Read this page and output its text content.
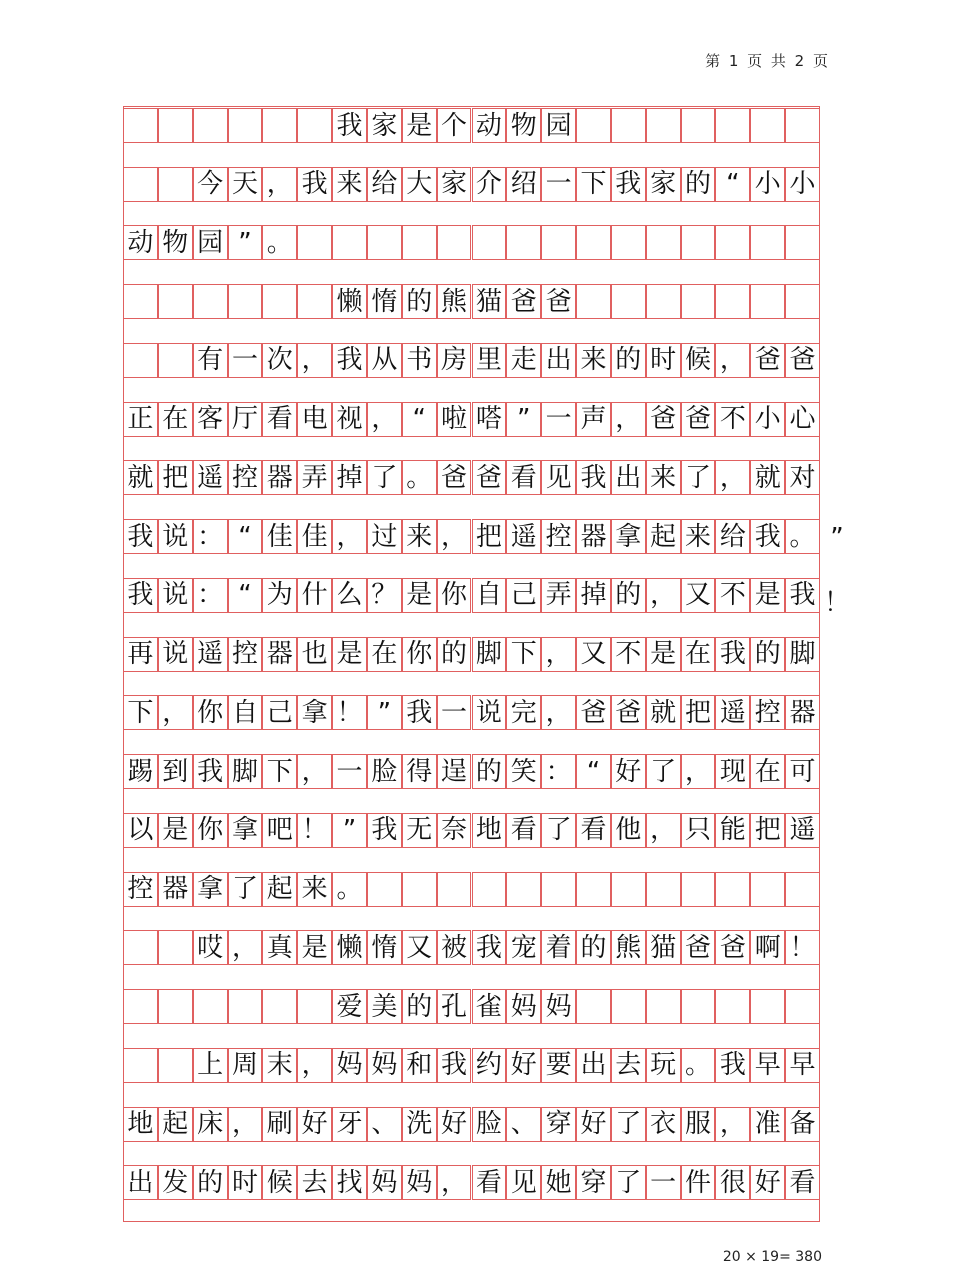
第 1 页 共 2 页
我 家 是 个 动 物 园
今 天 ， 我 来 给 大 家 介 绍 一 下 我 家 的 “ 小 小
动 物 园 ” 。
懒 惰 的 熊 猫 爸 爸
有 一 次 ， 我 从 书 房 里 走 出 来 的 时 候 ， 爸 爸
正 在 客 厅 看 电 视 ， “ 啦 嗒 ” 一 声 ， 爸 爸 不 小 心
就 把 遥 控 器 弄 掉 了 。 爸 爸 看 见 我 出 来 了 ， 就 对
我 说 ： “ 佳 佳 ， 过 来 ， 把 遥 控 器 拿 起 来 给 我 。
我 说 ： “ 为 什 么 ？ 是 你 自 己 弄 掉 的 ， 又 不 是 我
再 说 遥 控 器 也 是 在 你 的 脚 下 ， 又 不 是 在 我 的 脚
下 ， 你 自 己 拿 ！ ” 我 一 说 完 ， 爸 爸 就 把 遥 控 器
踢 到 我 脚 下 ， 一 脸 得 逞 的 笑 ： “ 好 了 ， 现 在 可
以 是 你 拿 吧 ！ ” 我 无 奈 地 看 了 看 他 ， 只 能 把 遥
控 器 拿 了 起 来 。
哎 ， 真 是 懒 惰 又 被 我 宠 着 的 熊 猫 爸 爸 啊 ！
爱 美 的 孔 雀 妈 妈
上 周 末 ， 妈 妈 和 我 约 好 要 出 去 玩 。 我 早 早
地 起 床 ， 刷 好 牙 、 洗 好 脸 、 穿 好 了 衣 服 ， 准 备
出 发 的 时 候 去 找 妈 妈 ， 看 见 她 穿 了 一 件 很 好 看
20 × 19= 380
”
！
